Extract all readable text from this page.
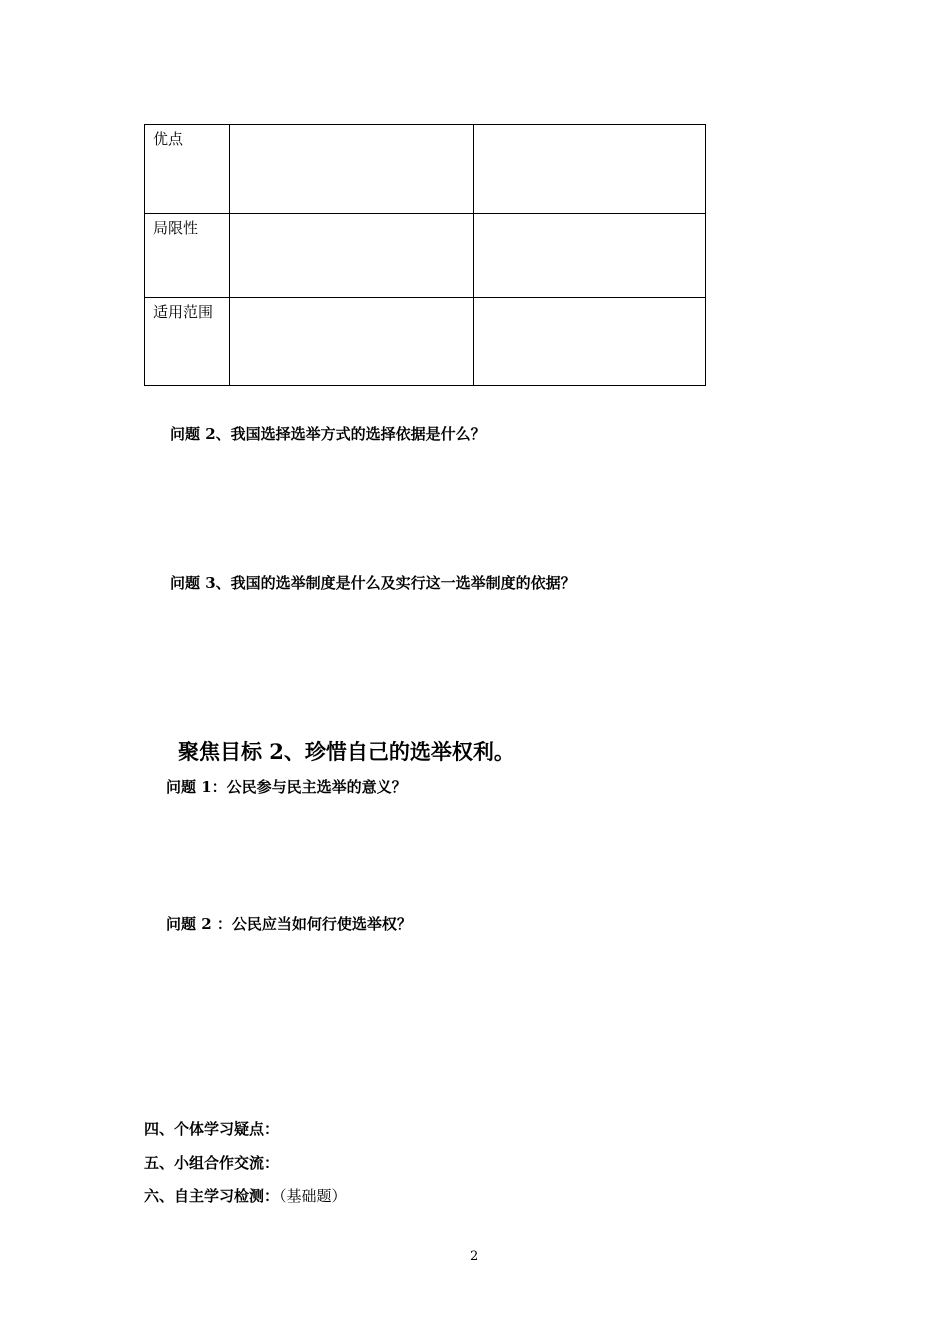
优点		
局限性		
适用范围		
问题 2、我国选择选举方式的选择依据是什么？
问题 3、我国的选举制度是什么及实行这一选举制度的依据？
聚焦目标 2、珍惜自己的选举权利。
问题 1：公民参与民主选举的意义？
问题 2 ：公民应当如何行使选举权？
四、个体学习疑点：
五、小组合作交流：
六、自主学习检测：（基础题）
2
